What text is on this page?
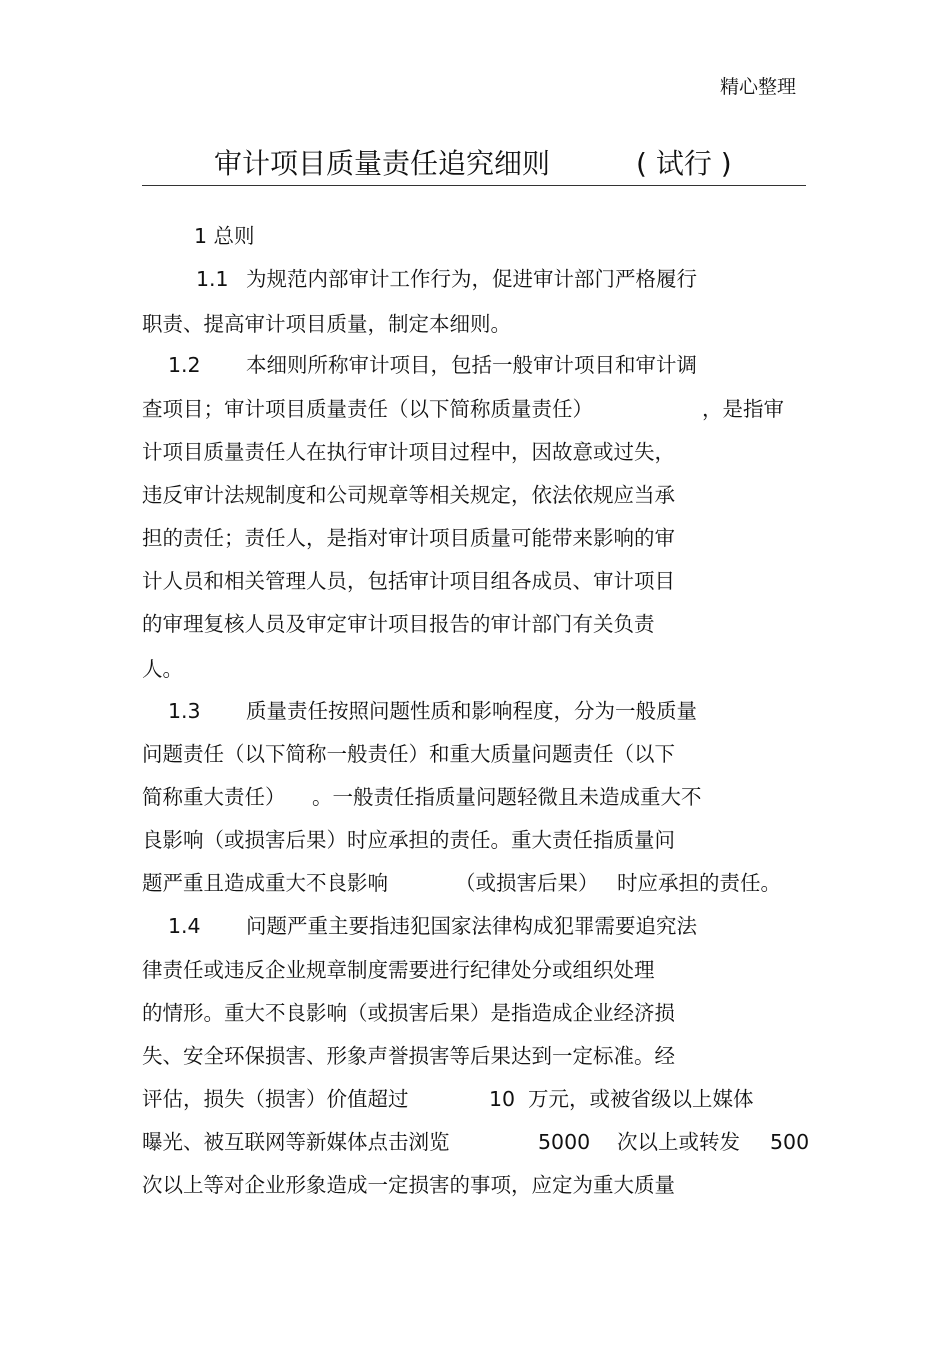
精心整理
审计项目质量责任追究细则	( 试行 )
1 总则
1.1 为规范内部审计工作行为，促进审计部门严格履行
职责、提高审计项目质量，制定本细则。
1.2 本细则所称审计项目，包括一般审计项目和审计调
查项目；审计项目质量责任（以下简称质量责任）	，是指审
计项目质量责任人在执行审计项目过程中，因故意或过失，
违反审计法规制度和公司规章等相关规定，依法依规应当承
担的责任；责任人，是指对审计项目质量可能带来影响的审
计人员和相关管理人员，包括审计项目组各成员、审计项目
的审理复核人员及审定审计项目报告的审计部门有关负责
人。
1.3 质量责任按照问题性质和影响程度，分为一般质量
问题责任（以下简称一般责任）和重大质量问题责任（以下
简称重大责任） 。一般责任指质量问题轻微且未造成重大不
良影响（或损害后果）时应承担的责任。重大责任指质量问
题严重且造成重大不良影响	（或损害后果） 时应承担的责任。
1.4 问题严重主要指违犯国家法律构成犯罪需要追究法
律责任或违反企业规章制度需要进行纪律处分或组织处理
的情形。重大不良影响（或损害后果）是指造成企业经济损
失、安全环保损害、形象声誉损害等后果达到一定标准。经
评估，损失（损害）价值超过	10 万元，或被省级以上媒体
曝光、被互联网等新媒体点击浏览	5000 次以上或转发 500
次以上等对企业形象造成一定损害的事项，应定为重大质量
